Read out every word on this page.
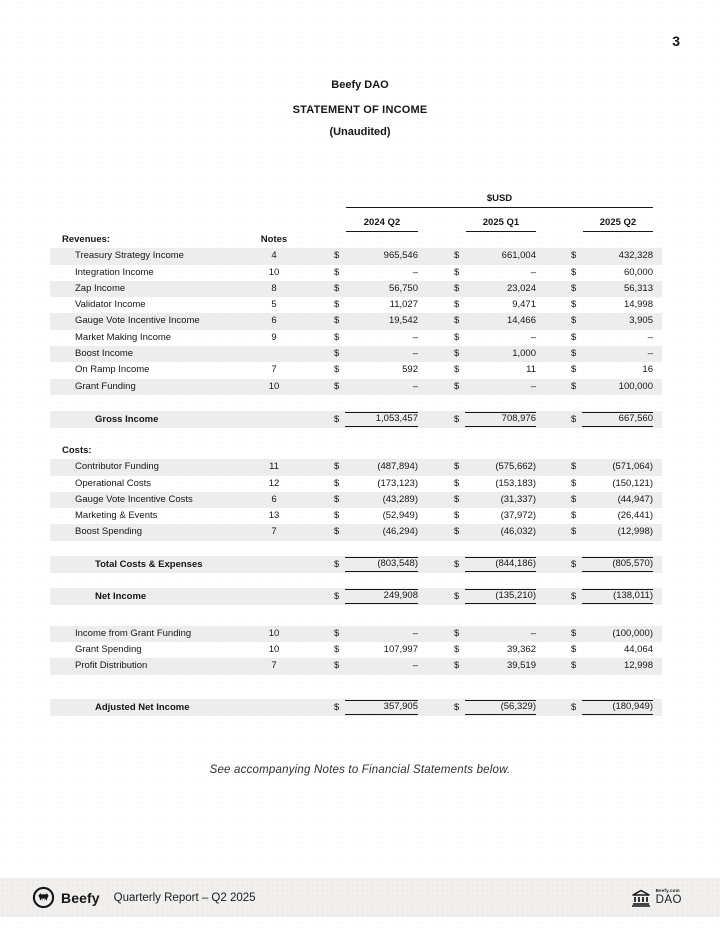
3
Beefy DAO
STATEMENT OF INCOME
(Unaudited)
$USD
2024 Q2	2025 Q1	2025 Q2
Revenues:	Notes
Treasury Strategy Income	4	$	965,546	$	661,004	$	432,328
Integration Income	10	$	–	$	–	$	60,000
Zap Income	8	$	56,750	$	23,024	$	56,313
Validator Income	5	$	11,027	$	9,471	$	14,998
Gauge Vote Incentive Income	6	$	19,542	$	14,466	$	3,905
Market Making Income	9	$	–	$	–	$	–
Boost Income	$	–	$	1,000	$	–
On Ramp Income	7	$	592	$	11	$	16
Grant Funding	10	$	–	$	–	$	100,000
Gross Income	$	1,053,457	$	708,976	$	667,560
Costs:
Contributor Funding	11	$	(487,894)	$	(575,662)	$	(571,064)
Operational Costs	12	$	(173,123)	$	(153,183)	$	(150,121)
Gauge Vote Incentive Costs	6	$	(43,289)	$	(31,337)	$	(44,947)
Marketing & Events	13	$	(52,949)	$	(37,972)	$	(26,441)
Boost Spending	7	$	(46,294)	$	(46,032)	$	(12,998)
Total Costs & Expenses	$	(803,548)	$	(844,186)	$	(805,570)
Net Income	$	249,908	$	(135,210)	$	(138,011)
Income from Grant Funding	10	$	–	$	–	$	(100,000)
Grant Spending	10	$	107,997	$	39,362	$	44,064
Profit Distribution	7	$	–	$	39,519	$	12,998
Adjusted Net Income	$	357,905	$	(56,329)	$	(180,949)
See accompanying Notes to Financial Statements below.
Beefy Quarterly Report – Q2 2025
Beefy.com
DAO
